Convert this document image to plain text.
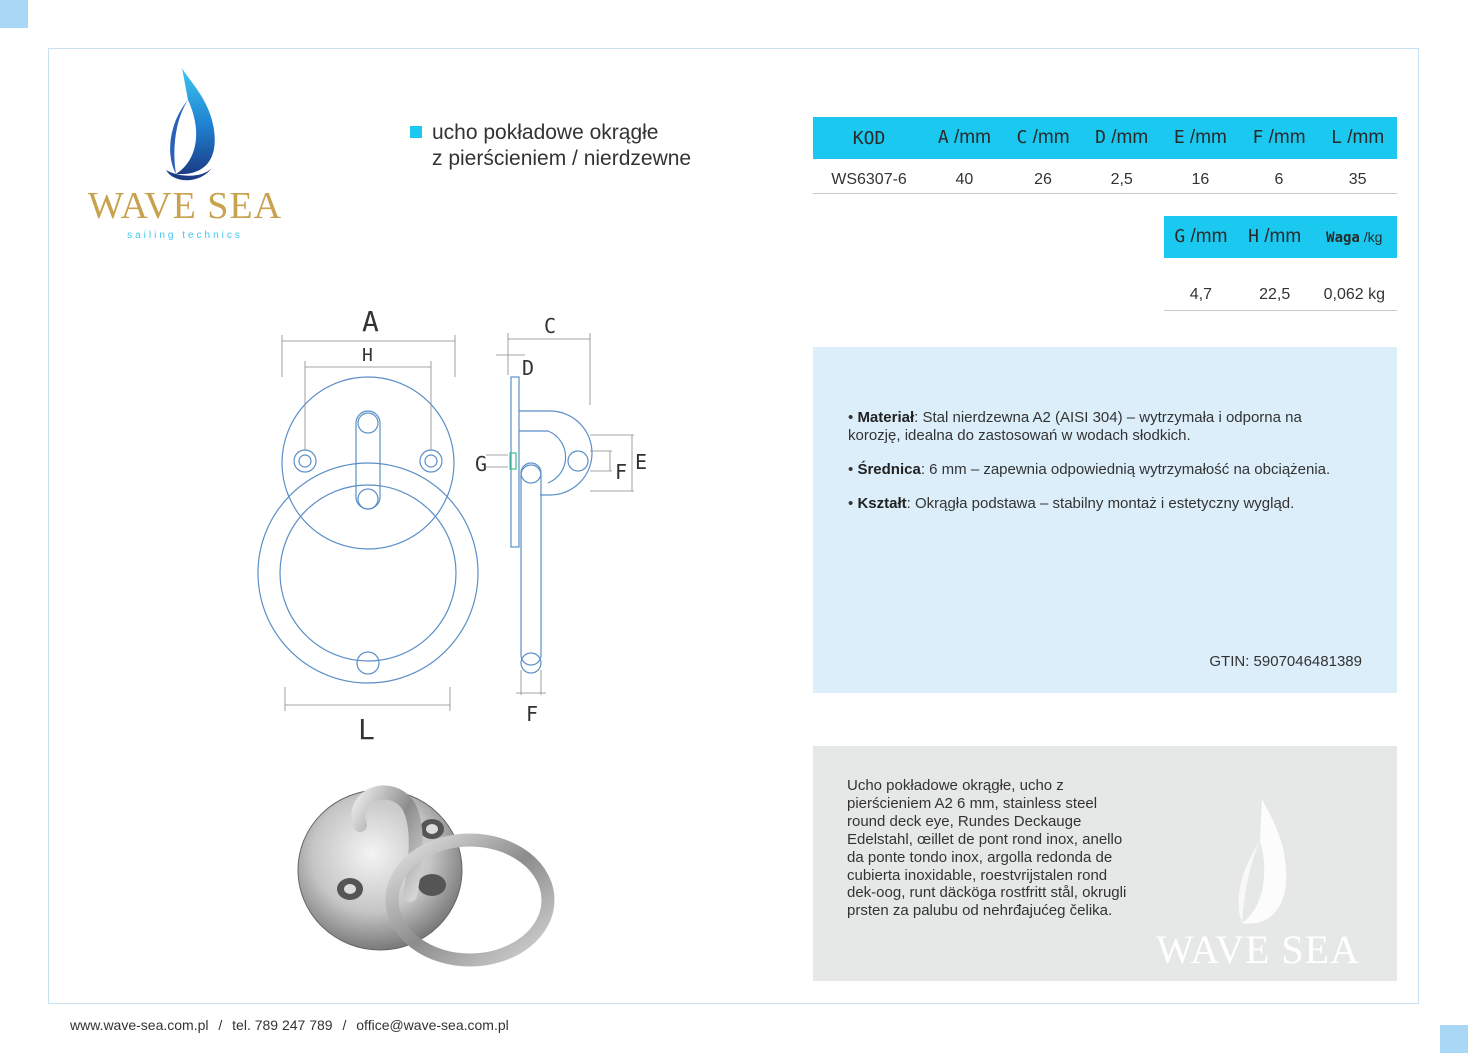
WAVE SEA
sailing technics
ucho pokładowe okrągłe
z pierścieniem / nierdzewne
KOD	A /mm	C /mm	D /mm	E /mm	F /mm	L /mm
WS6307-6	40	26	2,5	16	6	35
G /mm	H /mm	Waga /kg
4,7	22,5	0,062 kg
A
H
L
C
D
G	E
F
F
• Materiał: Stal nierdzewna A2 (AISI 304) – wytrzymała i odporna na korozję, idealna do zastosowań w wodach słodkich.
• Średnica: 6 mm – zapewnia odpowiednią wytrzymałość na obciążenia.
• Kształt: Okrągła podstawa – stabilny montaż i estetyczny wygląd.
GTIN: 5907046481389
Ucho pokładowe okrągłe, ucho z pierścieniem A2 6 mm, stainless steel round deck eye, Rundes Deckauge Edelstahl, œillet de pont rond inox, anello da ponte tondo inox, argolla redonda de cubierta inoxidable, roestvrijstalen rond dek-oog, runt däcköga rostfritt stål, okrugli prsten za palubu od nehrđajućeg čelika.
WAVE SEA
www.wave-sea.com.pl / tel. 789 247 789 / office@wave-sea.com.pl
